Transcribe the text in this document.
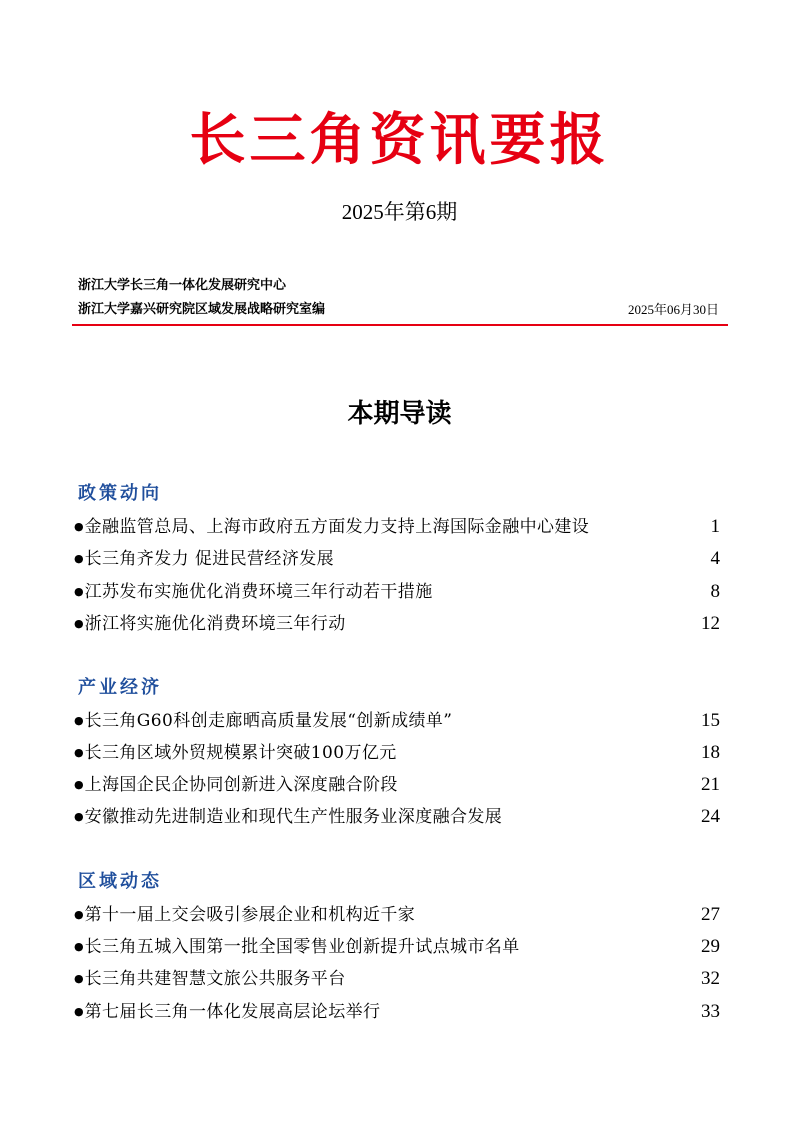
长三角资讯要报
2025年第6期
浙江大学长三角一体化发展研究中心
浙江大学嘉兴研究院区域发展战略研究室编	2025年06月30日
本期导读
政策动向
● 金融监管总局、上海市政府五方面发力支持上海国际金融中心建设	1
● 长三角齐发力 促进民营经济发展	4
● 江苏发布实施优化消费环境三年行动若干措施	8
● 浙江将实施优化消费环境三年行动	12
产业经济
● 长三角G60科创走廊晒高质量发展“创新成绩单”	15
● 长三角区域外贸规模累计突破100万亿元	18
● 上海国企民企协同创新进入深度融合阶段	21
● 安徽推动先进制造业和现代生产性服务业深度融合发展	24
区域动态
● 第十一届上交会吸引参展企业和机构近千家	27
● 长三角五城入围第一批全国零售业创新提升试点城市名单	29
● 长三角共建智慧文旅公共服务平台	32
● 第七届长三角一体化发展高层论坛举行	33
